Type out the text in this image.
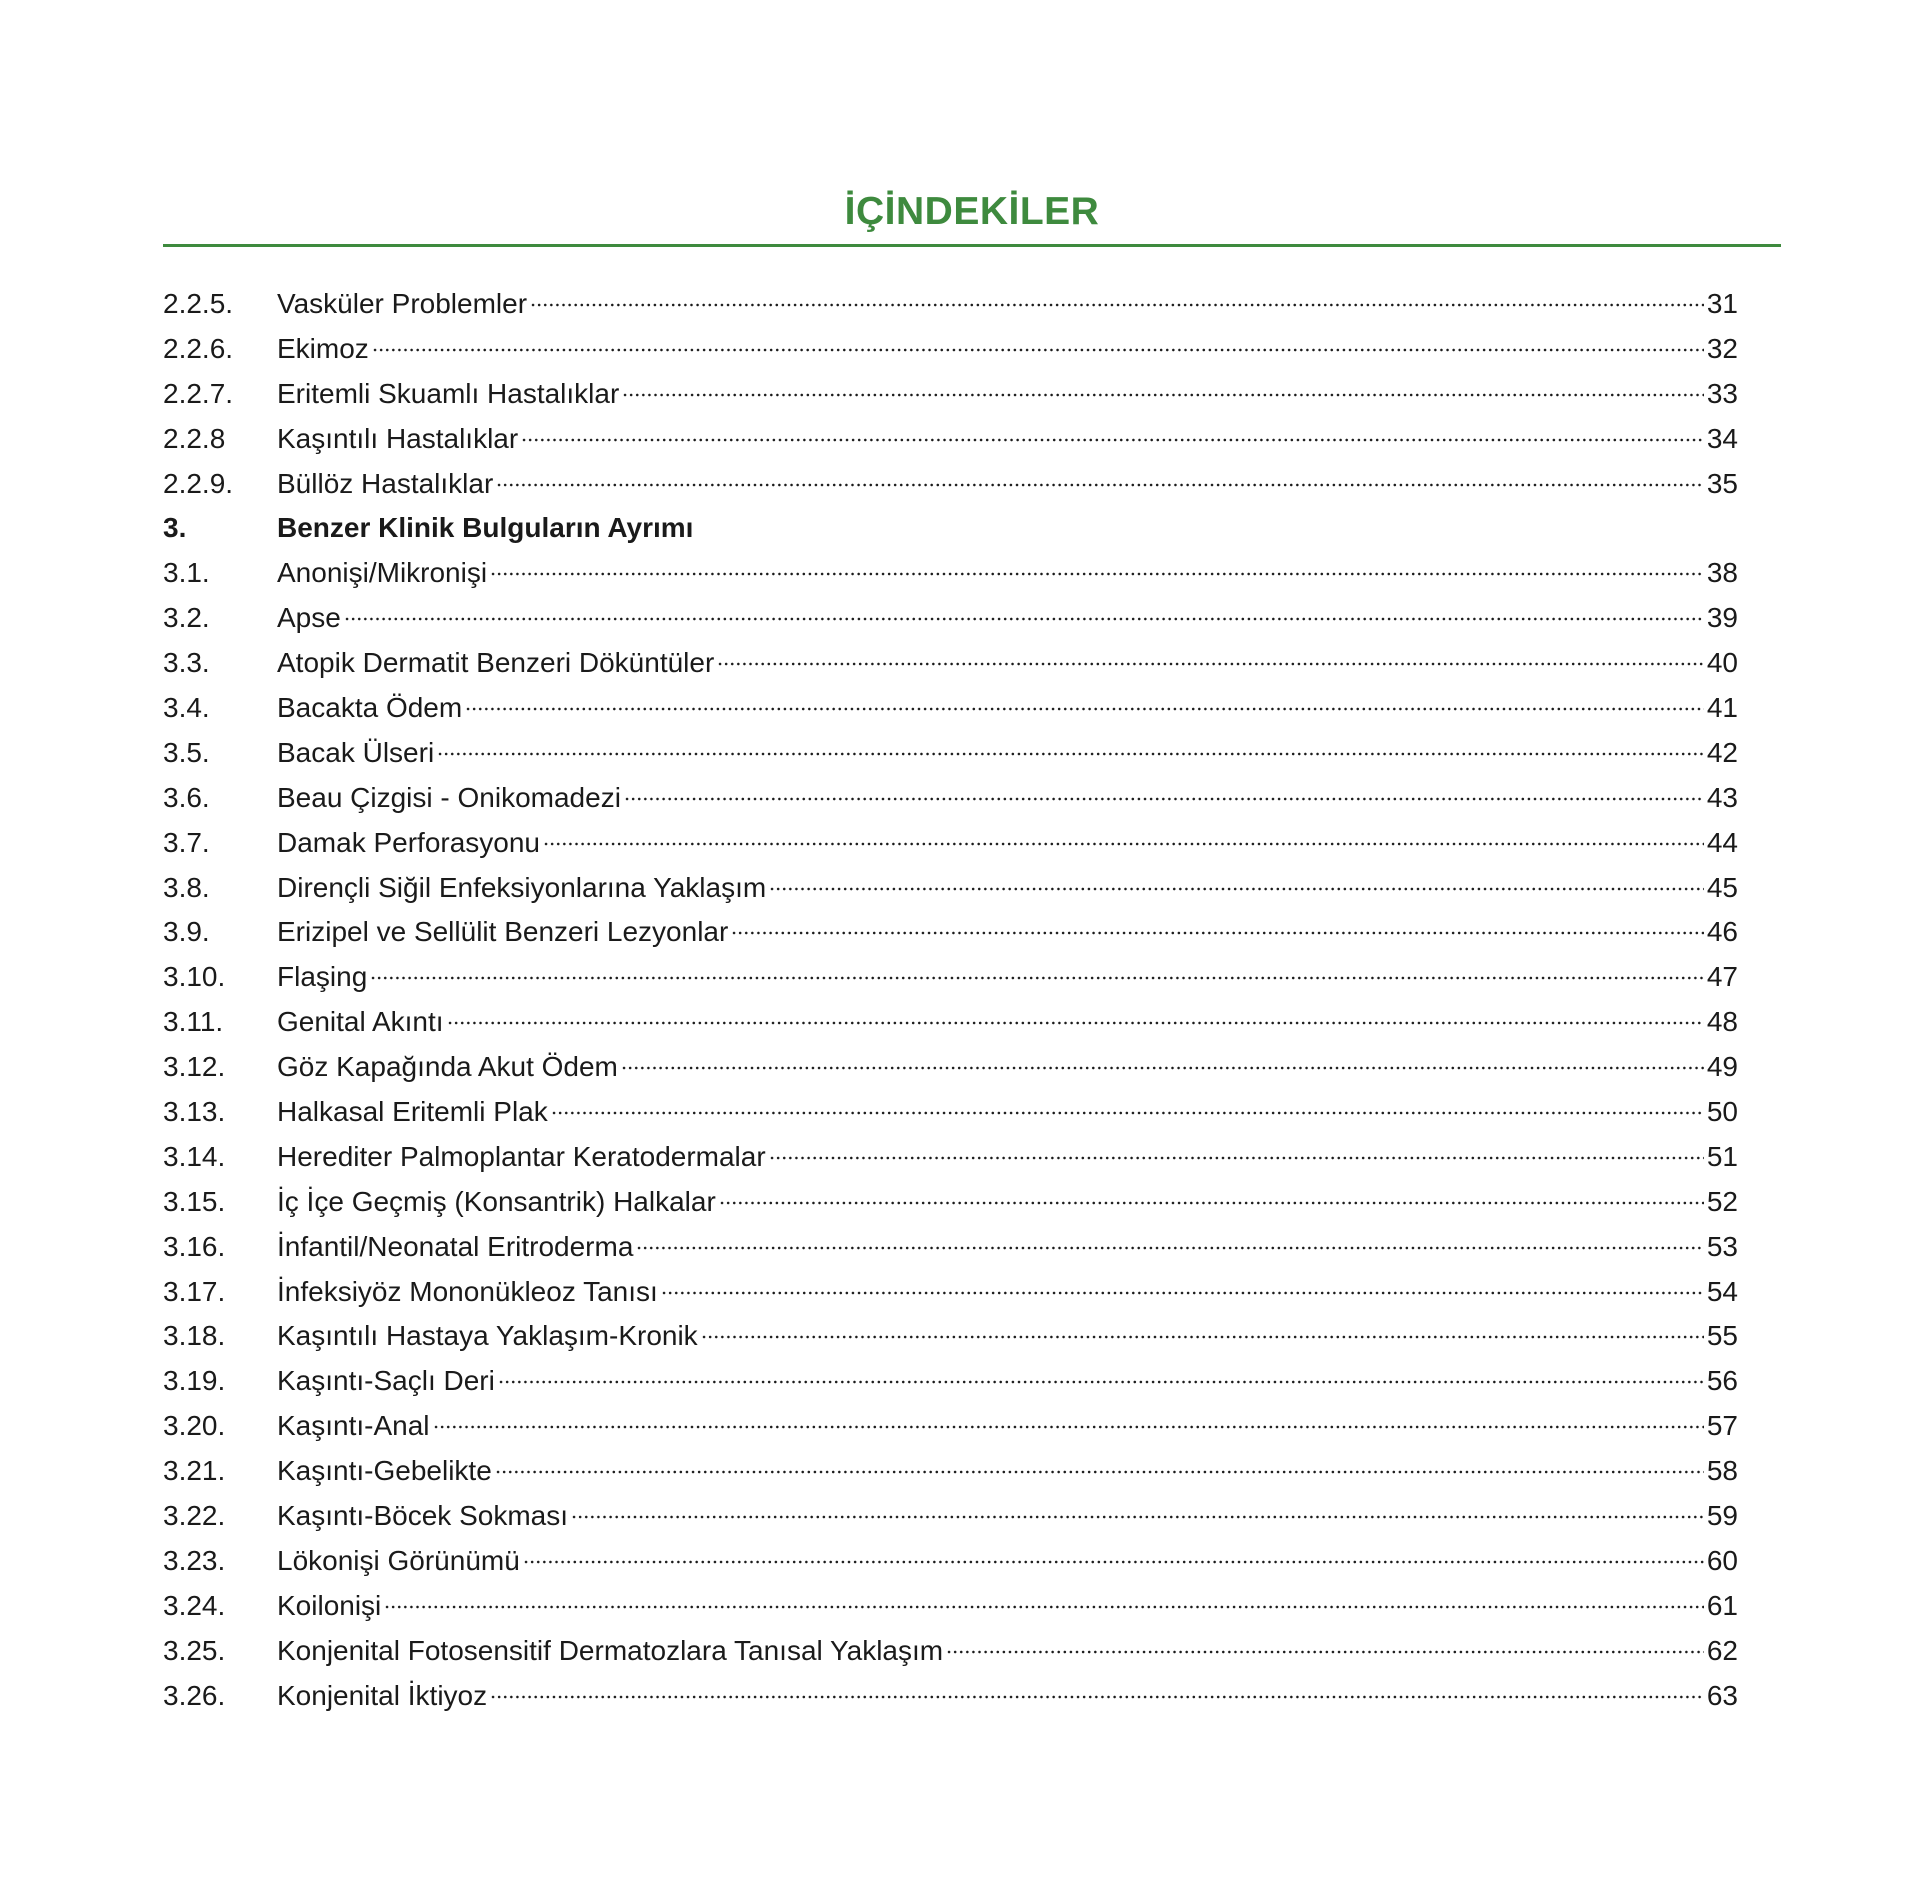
İÇİNDEKİLER
2.2.5.	Vasküler Problemler	31
2.2.6.	Ekimoz	32
2.2.7.	Eritemli Skuamlı Hastalıklar	33
2.2.8	Kaşıntılı Hastalıklar	34
2.2.9.	Büllöz Hastalıklar	35
3.	Benzer Klinik Bulguların Ayrımı
3.1.	Anonişi/Mikronişi	38
3.2.	Apse	39
3.3.	Atopik Dermatit Benzeri Döküntüler	40
3.4.	Bacakta Ödem	41
3.5.	Bacak Ülseri	42
3.6.	Beau Çizgisi - Onikomadezi	43
3.7.	Damak Perforasyonu	44
3.8.	Dirençli Siğil Enfeksiyonlarına Yaklaşım	45
3.9.	Erizipel ve Sellülit Benzeri Lezyonlar	46
3.10.	Flaşing	47
3.11.	Genital Akıntı	48
3.12.	Göz Kapağında Akut Ödem	49
3.13.	Halkasal Eritemli Plak	50
3.14.	Herediter Palmoplantar Keratodermalar	51
3.15.	İç İçe Geçmiş (Konsantrik) Halkalar	52
3.16.	İnfantil/Neonatal Eritroderma	53
3.17.	İnfeksiyöz Mononükleoz Tanısı	54
3.18.	Kaşıntılı Hastaya Yaklaşım-Kronik	55
3.19.	Kaşıntı-Saçlı Deri	56
3.20.	Kaşıntı-Anal	57
3.21.	Kaşıntı-Gebelikte	58
3.22.	Kaşıntı-Böcek Sokması	59
3.23.	Lökonişi Görünümü	60
3.24.	Koilonişi	61
3.25.	Konjenital Fotosensitif Dermatozlara Tanısal Yaklaşım	62
3.26.	Konjenital İktiyoz	63
